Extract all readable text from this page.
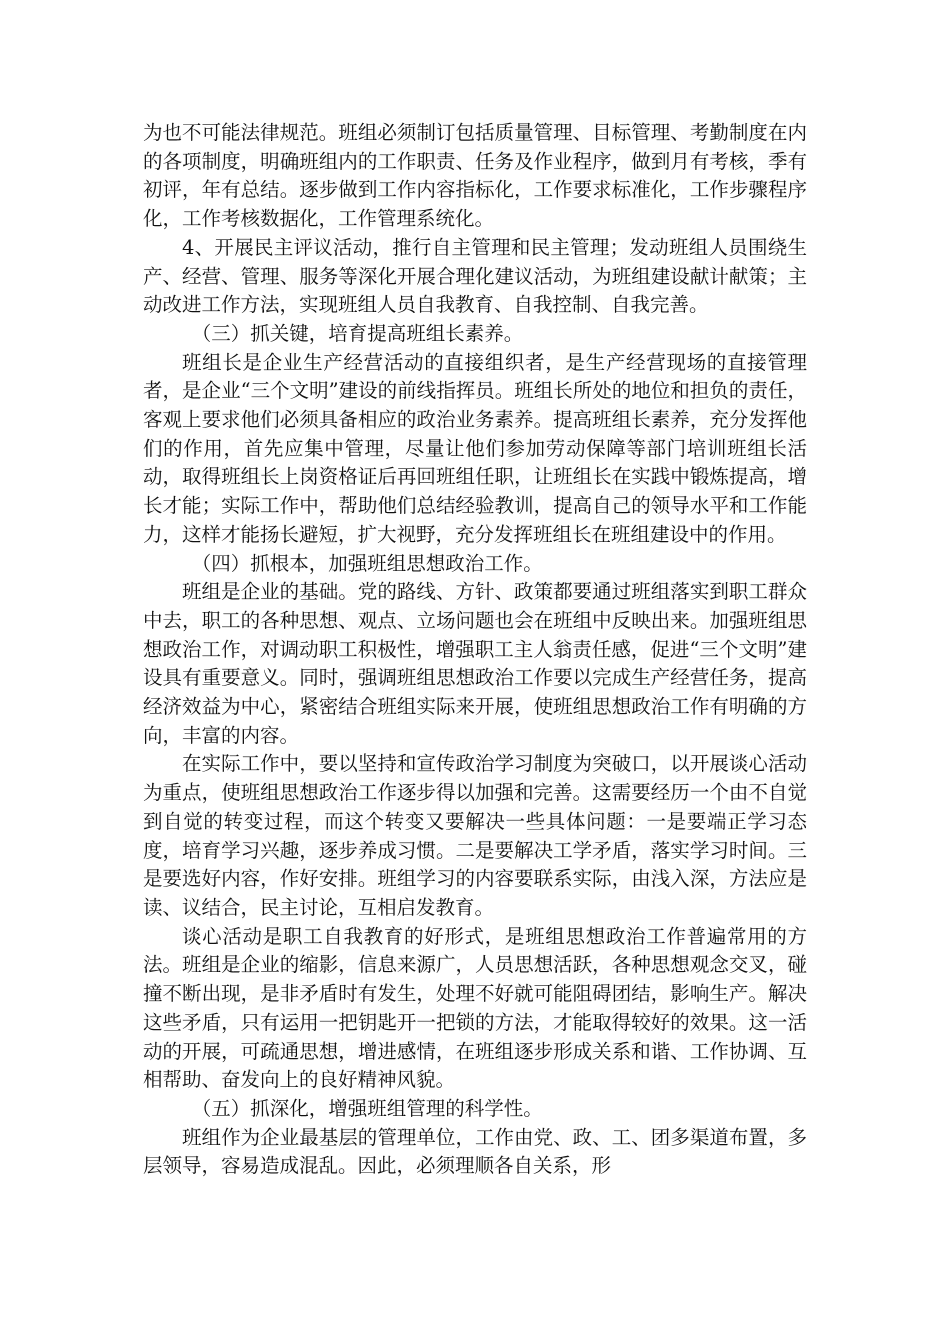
为也不可能法律规范。班组必须制订包括质量管理、目标管理、考勤制度在内的各项制度，明确班组内的工作职责、任务及作业程序，做到月有考核，季有初评，年有总结。逐步做到工作内容指标化，工作要求标准化，工作步骤程序化，工作考核数据化，工作管理系统化。

4、开展民主评议活动，推行自主管理和民主管理；发动班组人员围绕生产、经营、管理、服务等深化开展合理化建议活动，为班组建设献计献策；主动改进工作方法，实现班组人员自我教育、自我控制、自我完善。

（三）抓关键，培育提高班组长素养。

班组长是企业生产经营活动的直接组织者，是生产经营现场的直接管理者，是企业“三个文明”建设的前线指挥员。班组长所处的地位和担负的责任，客观上要求他们必须具备相应的政治业务素养。提高班组长素养，充分发挥他们的作用，首先应集中管理，尽量让他们参加劳动保障等部门培训班组长活动，取得班组长上岗资格证后再回班组任职，让班组长在实践中锻炼提高，增长才能；实际工作中，帮助他们总结经验教训，提高自己的领导水平和工作能力，这样才能扬长避短，扩大视野，充分发挥班组长在班组建设中的作用。

（四）抓根本，加强班组思想政治工作。

班组是企业的基础。党的路线、方针、政策都要通过班组落实到职工群众中去，职工的各种思想、观点、立场问题也会在班组中反映出来。加强班组思想政治工作，对调动职工积极性，增强职工主人翁责任感，促进“三个文明”建设具有重要意义。同时，强调班组思想政治工作要以完成生产经营任务，提高经济效益为中心，紧密结合班组实际来开展，使班组思想政治工作有明确的方向，丰富的内容。

在实际工作中，要以坚持和宣传政治学习制度为突破口，以开展谈心活动为重点，使班组思想政治工作逐步得以加强和完善。这需要经历一个由不自觉到自觉的转变过程，而这个转变又要解决一些具体问题：一是要端正学习态度，培育学习兴趣，逐步养成习惯。二是要解决工学矛盾，落实学习时间。三是要选好内容，作好安排。班组学习的内容要联系实际，由浅入深，方法应是读、议结合，民主讨论，互相启发教育。

谈心活动是职工自我教育的好形式，是班组思想政治工作普遍常用的方法。班组是企业的缩影，信息来源广，人员思想活跃，各种思想观念交叉，碰撞不断出现，是非矛盾时有发生，处理不好就可能阻碍团结，影响生产。解决这些矛盾，只有运用一把钥匙开一把锁的方法，才能取得较好的效果。这一活动的开展，可疏通思想，增进感情，在班组逐步形成关系和谐、工作协调、互相帮助、奋发向上的良好精神风貌。

（五）抓深化，增强班组管理的科学性。

班组作为企业最基层的管理单位，工作由党、政、工、团多渠道布置，多层领导，容易造成混乱。因此，必须理顺各自关系，形
